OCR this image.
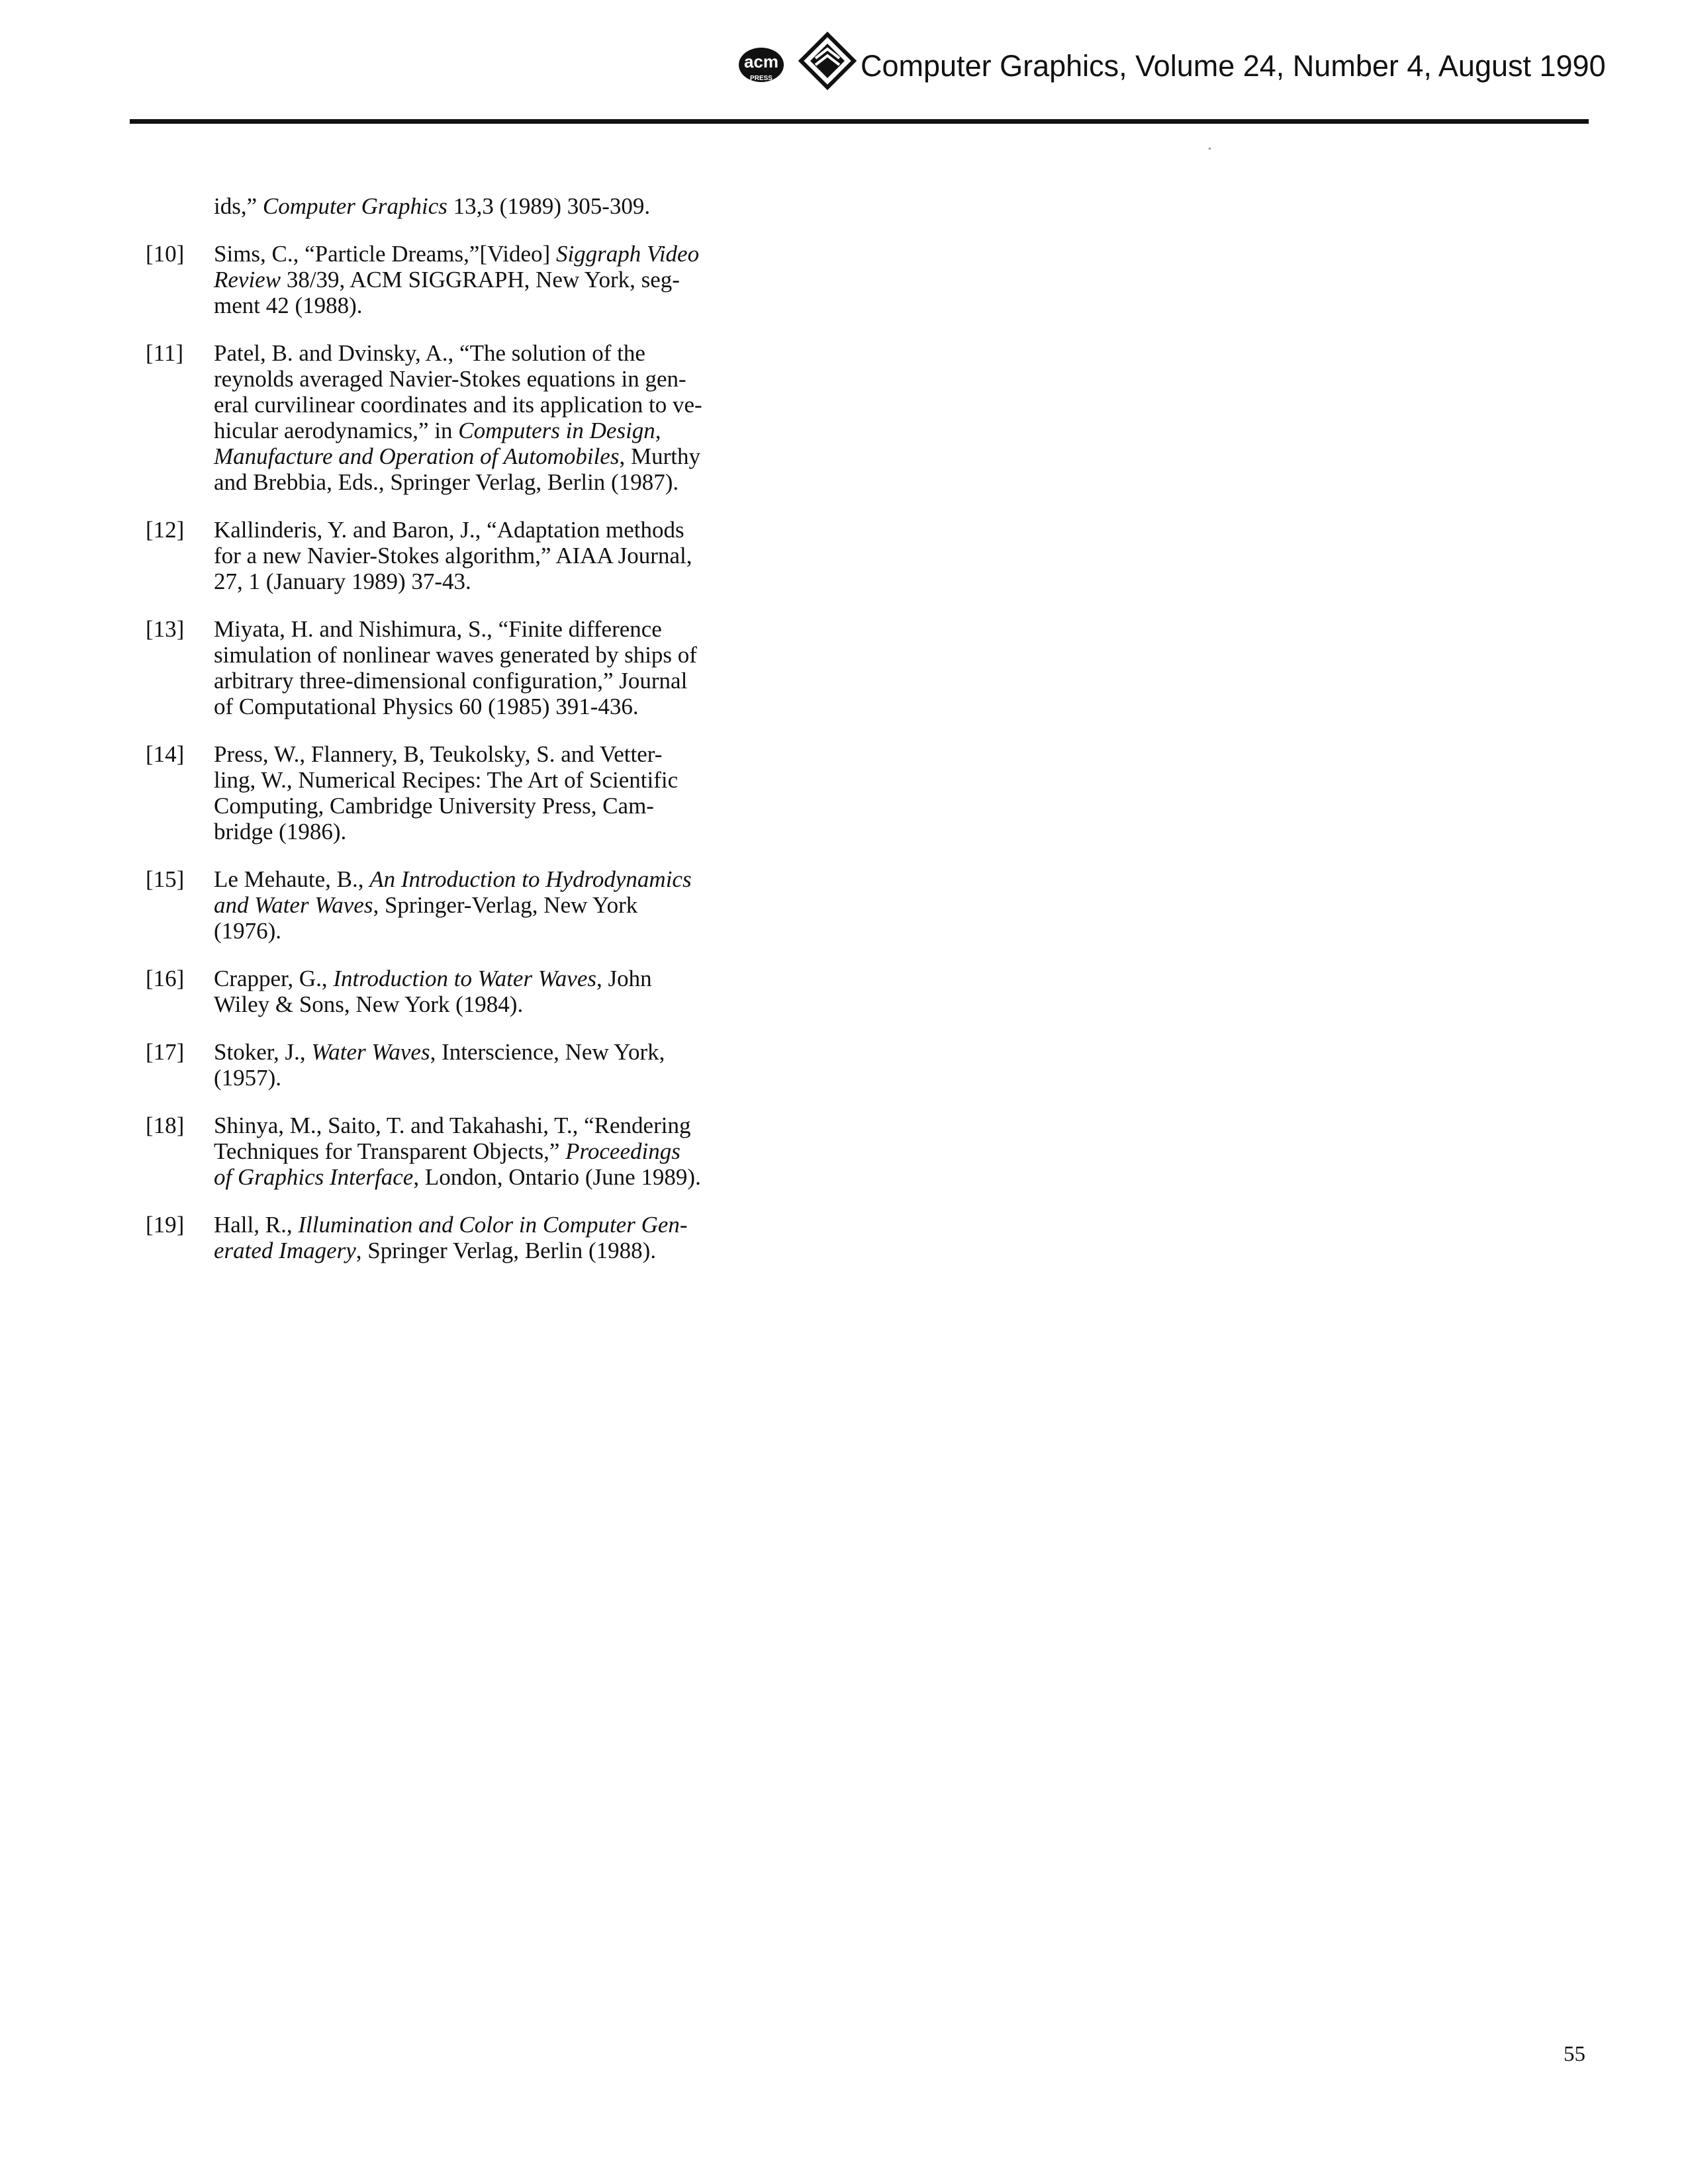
acm
PRESS	Computer Graphics, Volume 24, Number 4, August 1990
ids,” Computer Graphics 13,3 (1989) 305-309.
[10]	Sims, C., “Particle Dreams,”[Video] Siggraph Video
Review 38/39, ACM SIGGRAPH, New York, seg-
ment 42 (1988).
[11]	Patel, B. and Dvinsky, A., “The solution of the
reynolds averaged Navier-Stokes equations in gen-
eral curvilinear coordinates and its application to ve-
hicular aerodynamics,” in Computers in Design,
Manufacture and Operation of Automobiles, Murthy
and Brebbia, Eds., Springer Verlag, Berlin (1987).
[12]	Kallinderis, Y. and Baron, J., “Adaptation methods
for a new Navier-Stokes algorithm,” AIAA Journal,
27, 1 (January 1989) 37-43.
[13]	Miyata, H. and Nishimura, S., “Finite difference
simulation of nonlinear waves generated by ships of
arbitrary three-dimensional configuration,” Journal
of Computational Physics 60 (1985) 391-436.
[14]	Press, W., Flannery, B, Teukolsky, S. and Vetter-
ling, W., Numerical Recipes: The Art of Scientific
Computing, Cambridge University Press, Cam-
bridge (1986).
[15]	Le Mehaute, B., An Introduction to Hydrodynamics
and Water Waves, Springer-Verlag, New York
(1976).
[16]	Crapper, G., Introduction to Water Waves, John
Wiley & Sons, New York (1984).
[17]	Stoker, J., Water Waves, Interscience, New York,
(1957).
[18]	Shinya, M., Saito, T. and Takahashi, T., “Rendering
Techniques for Transparent Objects,” Proceedings
of Graphics Interface, London, Ontario (June 1989).
[19]	Hall, R., Illumination and Color in Computer Gen-
erated Imagery, Springer Verlag, Berlin (1988).
55
